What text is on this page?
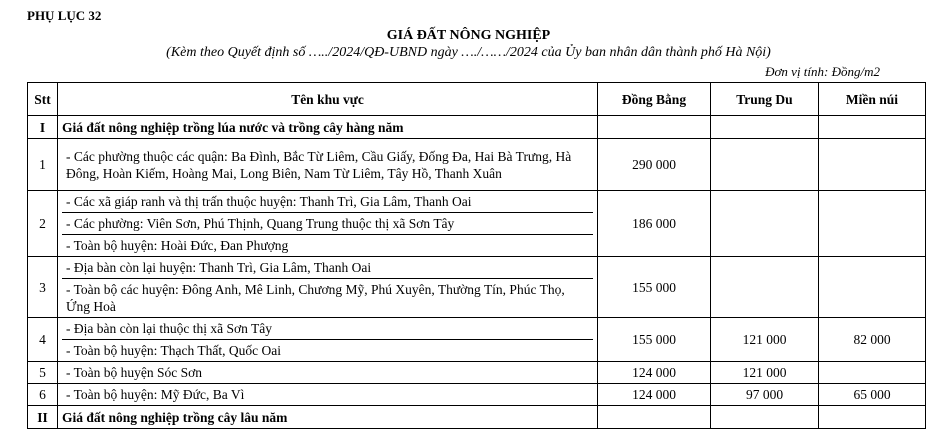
PHỤ LỤC 32
GIÁ ĐẤT NÔNG NGHIỆP
(Kèm theo Quyết định số …../2024/QĐ-UBND ngày …./……/2024 của Ủy ban nhân dân thành phố Hà Nội)
Đơn vị tính: Đồng/m2
Stt	Tên khu vực	Đồng Bằng	Trung Du	Miền núi
I	Giá đất nông nghiệp trồng lúa nước và trồng cây hàng năm			
1	- Các phường thuộc các quận: Ba Đình, Bắc Từ Liêm, Cầu Giấy, Đống Đa, Hai Bà Trưng, Hà Đông, Hoàn Kiếm, Hoàng Mai, Long Biên, Nam Từ Liêm, Tây Hồ, Thanh Xuân	290 000		
2	- Các xã giáp ranh và thị trấn thuộc huyện: Thanh Trì, Gia Lâm, Thanh Oai
- Các phường: Viên Sơn, Phú Thịnh, Quang Trung thuộc thị xã Sơn Tây
- Toàn bộ huyện: Hoài Đức, Đan Phượng	186 000		
3	- Địa bàn còn lại huyện: Thanh Trì, Gia Lâm, Thanh Oai
- Toàn bộ các huyện: Đông Anh, Mê Linh, Chương Mỹ, Phú Xuyên, Thường Tín, Phúc Thọ, Ứng Hoà	155 000		
4	- Địa bàn còn lại thuộc thị xã Sơn Tây
- Toàn bộ huyện: Thạch Thất, Quốc Oai	155 000	121 000	82 000
5	- Toàn bộ huyện Sóc Sơn	124 000	121 000	
6	- Toàn bộ huyện: Mỹ Đức, Ba Vì	124 000	97 000	65 000
II	Giá đất nông nghiệp trồng cây lâu năm			
